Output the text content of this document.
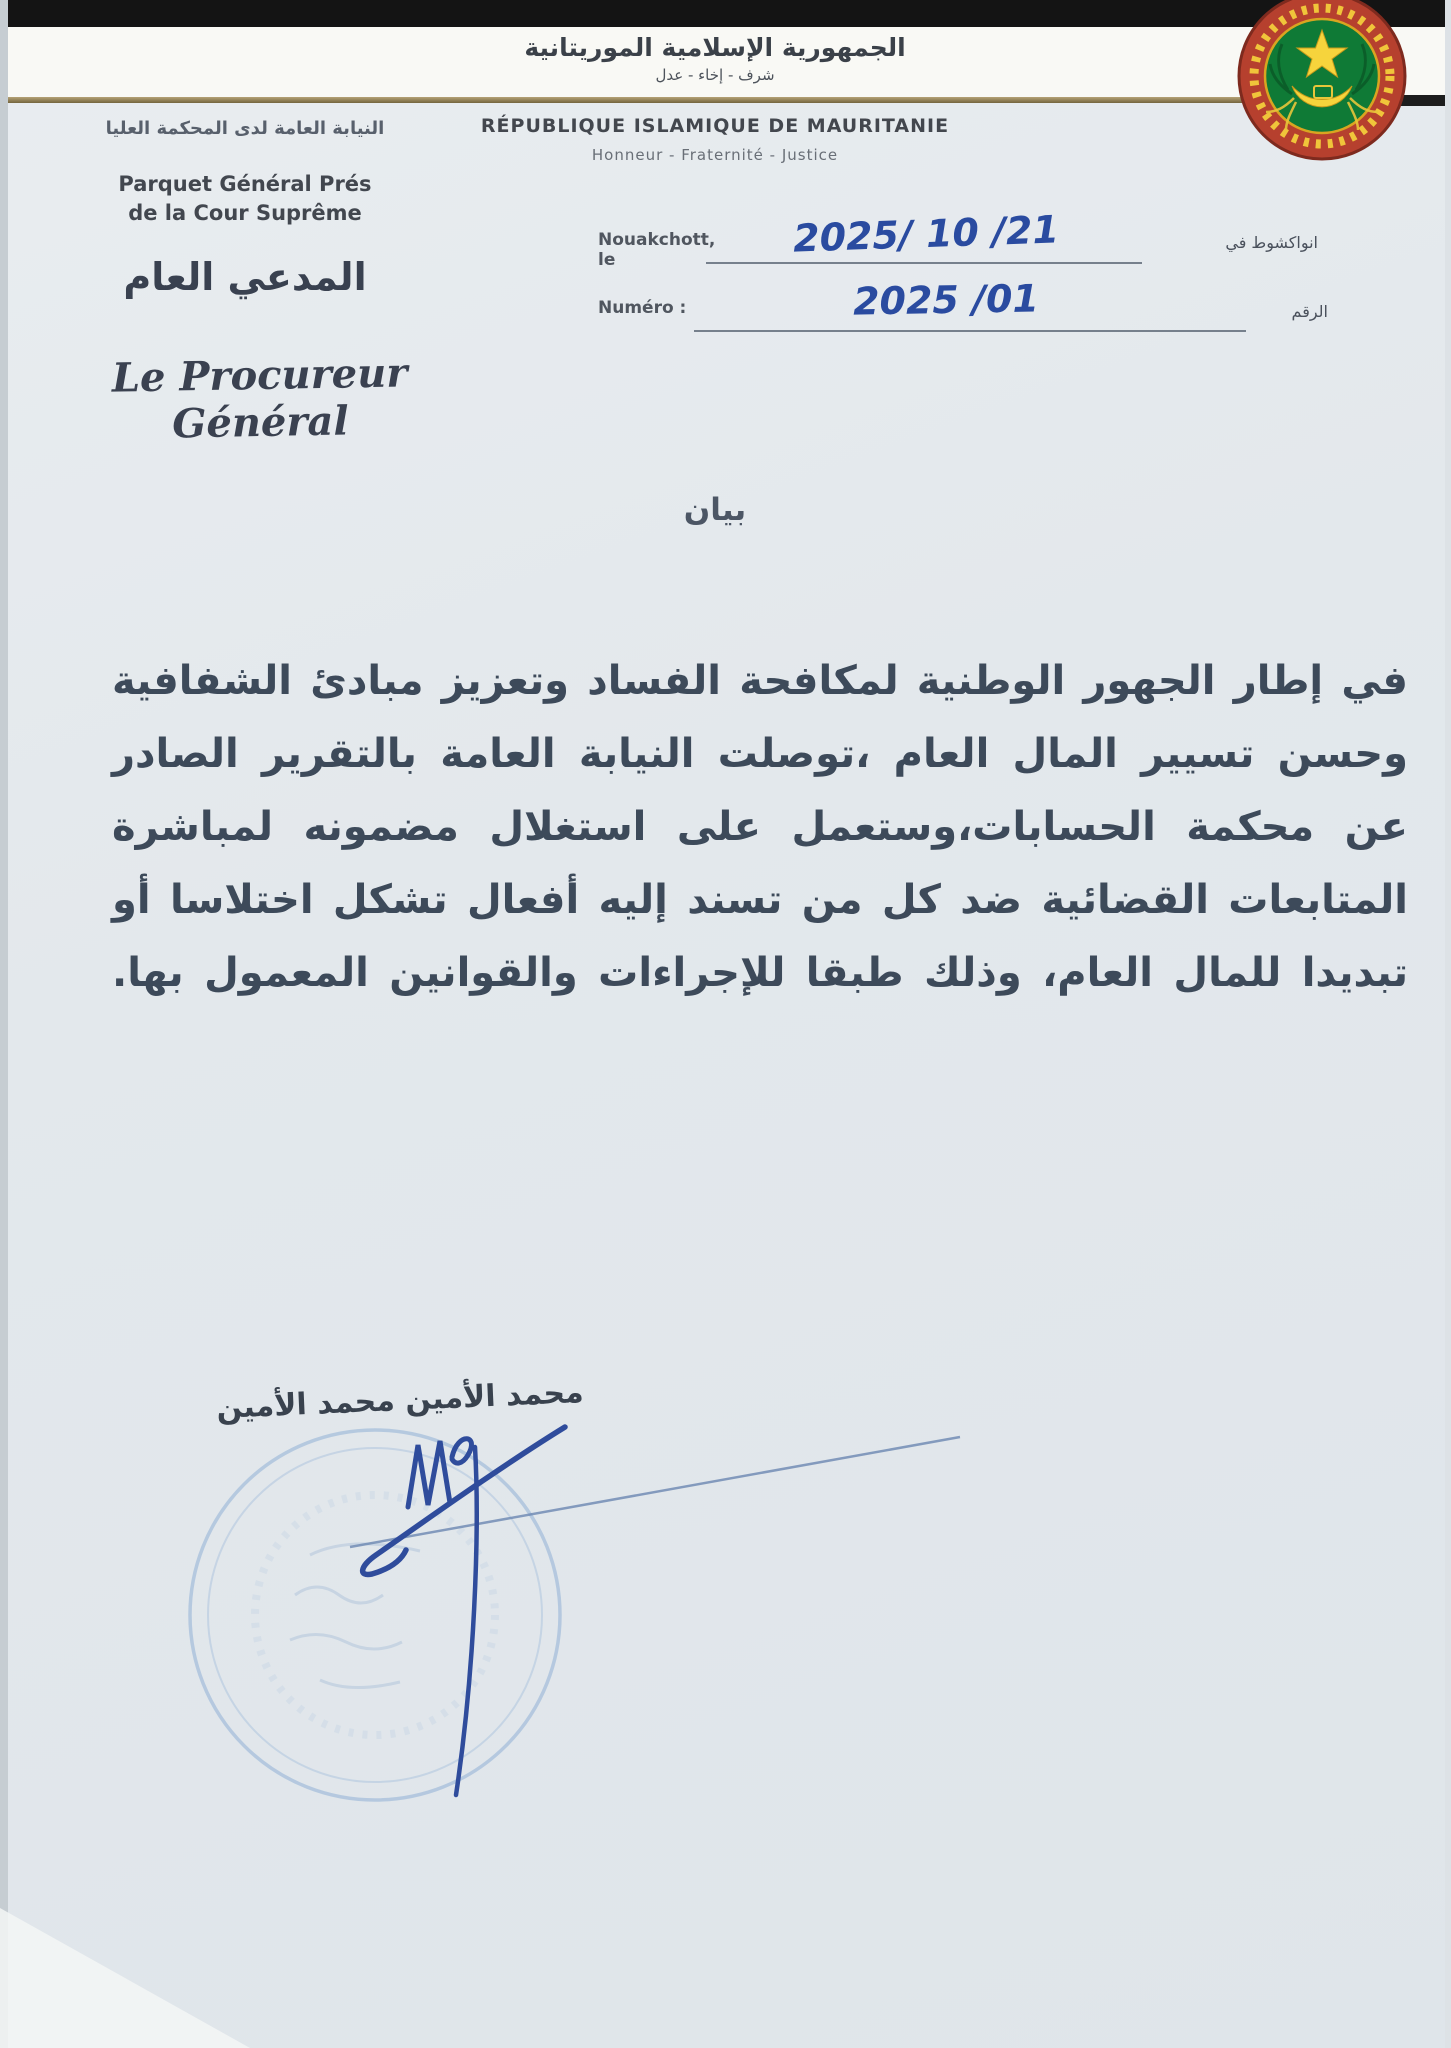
الجمهورية الإسلامية الموريتانية
شرف - إخاء - عدل
RÉPUBLIQUE ISLAMIQUE DE MAURITANIE
Honneur - Fraternité - Justice
النيابة العامة لدى المحكمة العليا
Parquet Général Prés
de la Cour Suprême
المدعي العام
Le Procureur Général
Nouakchott, le	2025/ 10 /21	انواكشوط في
Numéro :	2025 /01	الرقم
بيان
في إطار الجهور الوطنية لمكافحة الفساد وتعزيز مبادئ الشفافية
وحسن تسيير المال العام ،توصلت النيابة العامة بالتقرير الصادر
عن محكمة الحسابات،وستعمل على استغلال مضمونه لمباشرة
المتابعات القضائية ضد كل من تسند إليه أفعال تشكل اختلاسا أو
تبديدا للمال العام، وذلك طبقا للإجراءات والقوانين المعمول بها.
محمد الأمين محمد الأمين
